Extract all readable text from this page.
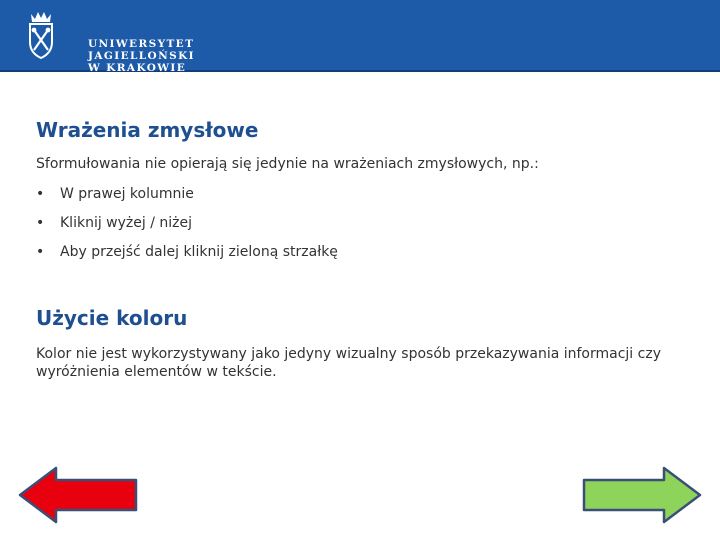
UNIWERSYTET JAGIELLOŃSKI
W KRAKOWIE
Wrażenia zmysłowe

Sformułowania nie opierają się jedynie na wrażeniach zmysłowych, np.:

•	W prawej kolumnie
•	Kliknij wyżej / niżej
•	Aby przejść dalej kliknij zieloną strzałkę
Użycie koloru

Kolor nie jest wykorzystywany jako jedyny wizualny sposób przekazywania informacji czy wyróżnienia elementów w tekście.
